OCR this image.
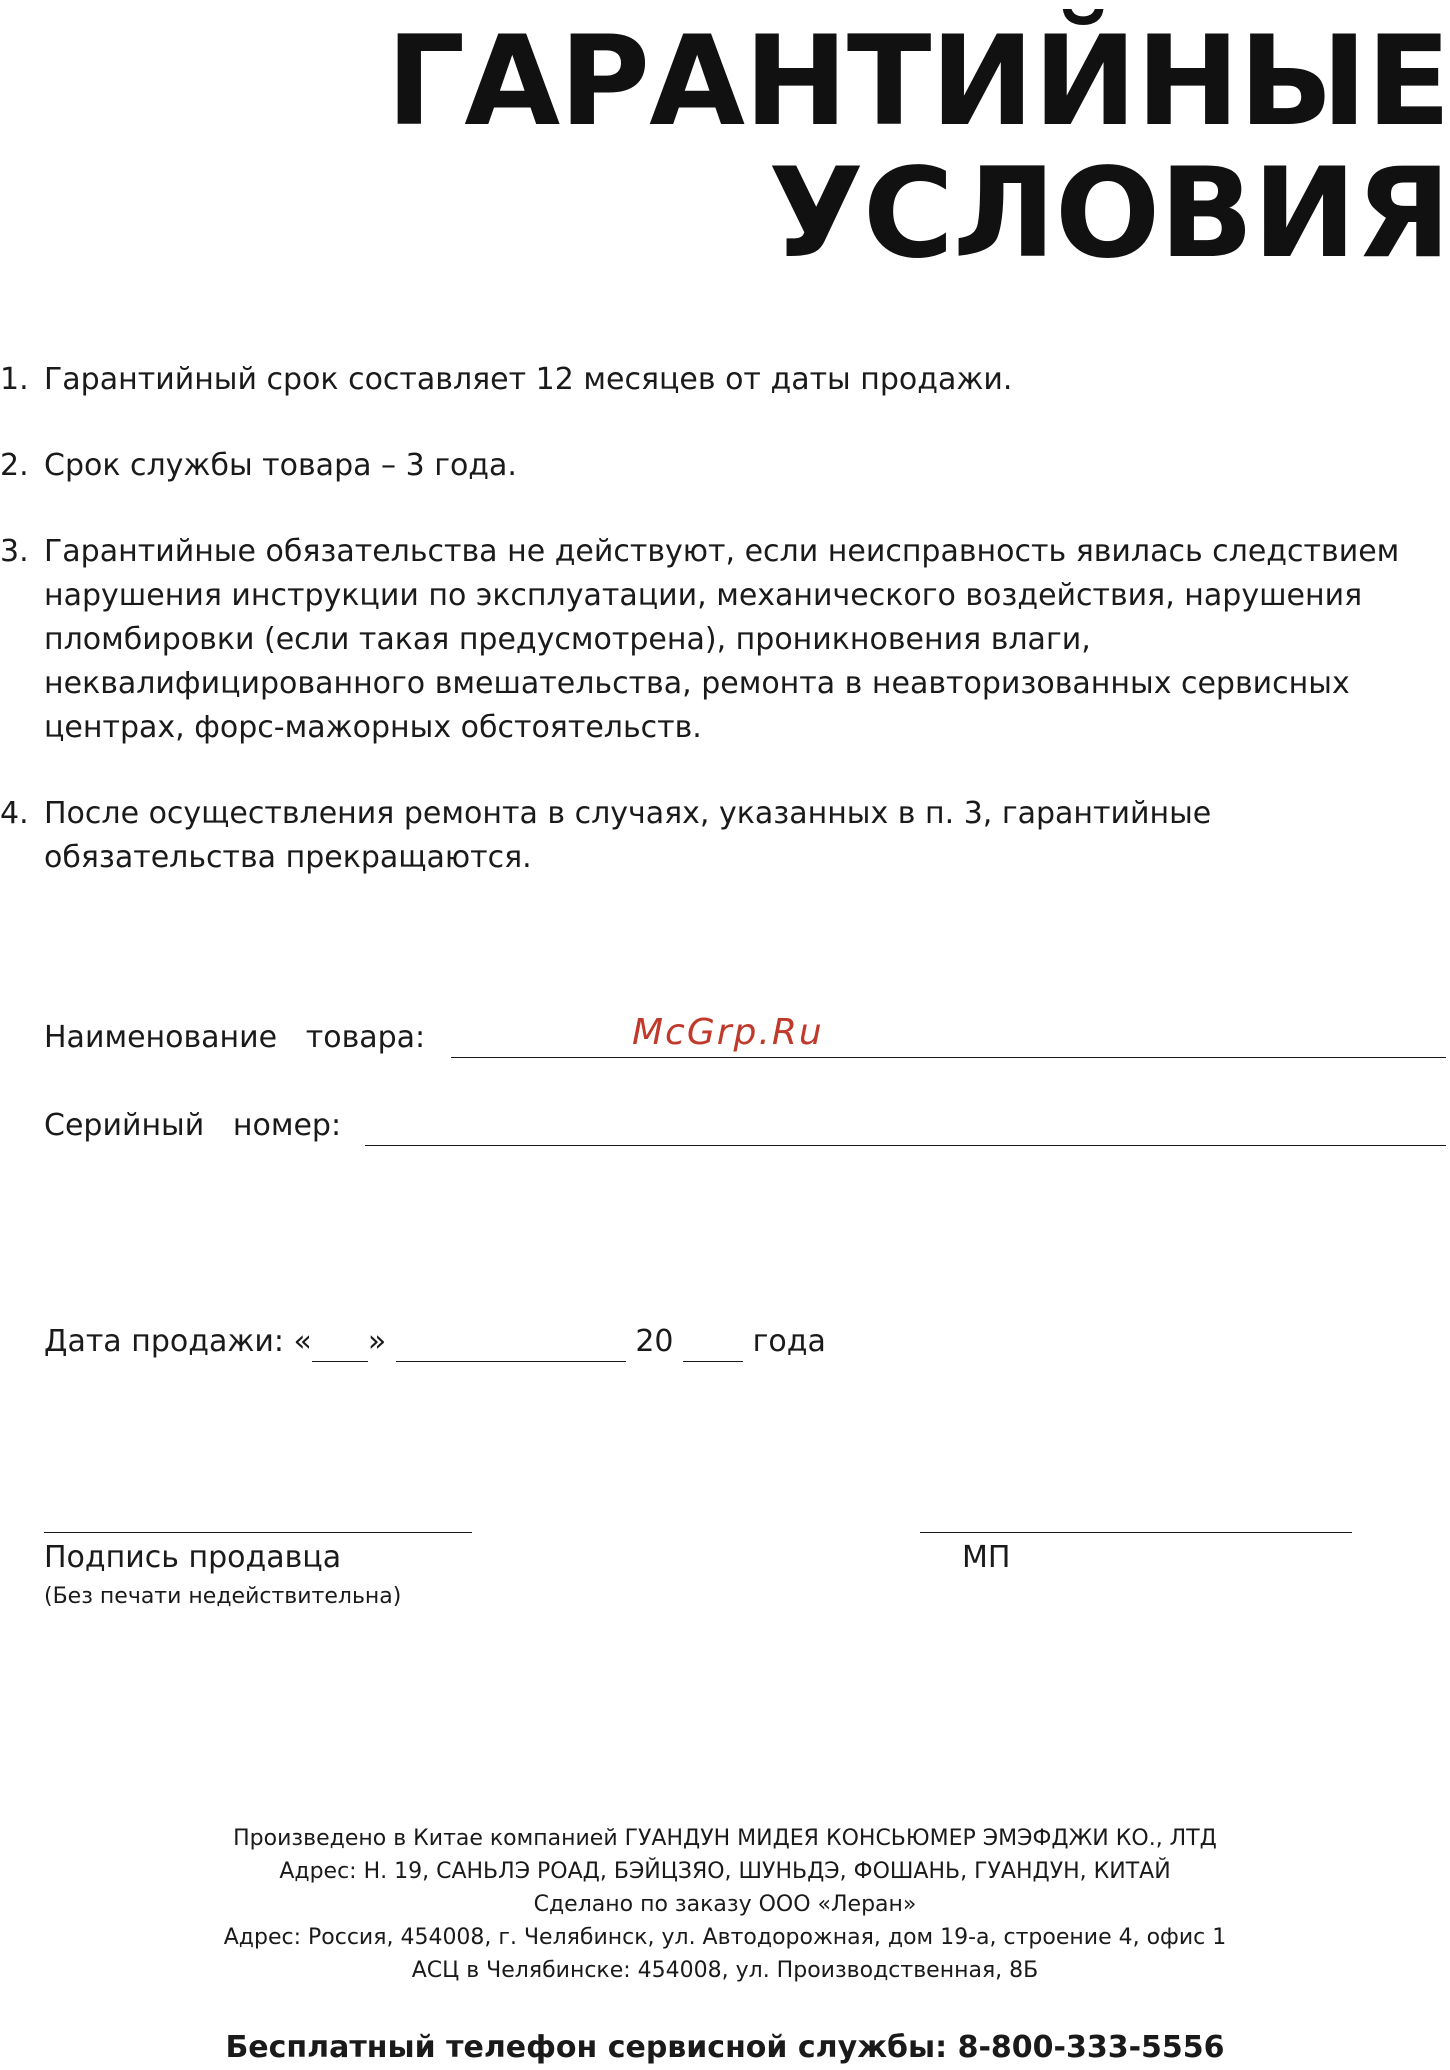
ГАРАНТИЙНЫЕ
УСЛОВИЯ
1. Гарантийный срок составляет 12 месяцев от даты продажи.
2. Срок службы товара – 3 года.
3. Гарантийные обязательства не действуют, если неисправность явилась следствием нарушения инструкции по эксплуатации, механического воздействия, нарушения пломбировки (если такая предусмотрена), проникновения влаги, неквалифицированного вмешательства, ремонта в неавторизованных сервисных центрах, форс-мажорных обстоятельств.
4. После осуществления ремонта в случаях, указанных в п. 3, гарантийные обязательства прекращаются.
Наименование   товара:	McGrp.Ru
Серийный   номер:
Дата продажи: « »

	20

	года
Подпись продавца
(Без печати недействительна)
МП
Произведено в Китае компанией ГУАНДУН МИДЕЯ КОНСЬЮМЕР ЭМЭФДЖИ КО., ЛТД
Адрес: Н. 19, САНЬЛЭ РОАД, БЭЙЦЗЯО, ШУНЬДЭ, ФОШАНЬ, ГУАНДУН, КИТАЙ
Сделано по заказу ООО «Леран»
Адрес: Россия, 454008, г. Челябинск, ул. Автодорожная, дом 19-а, строение 4, офис 1
АСЦ в Челябинске: 454008, ул. Производственная, 8Б
Бесплатный телефон сервисной службы: 8-800-333-5556
